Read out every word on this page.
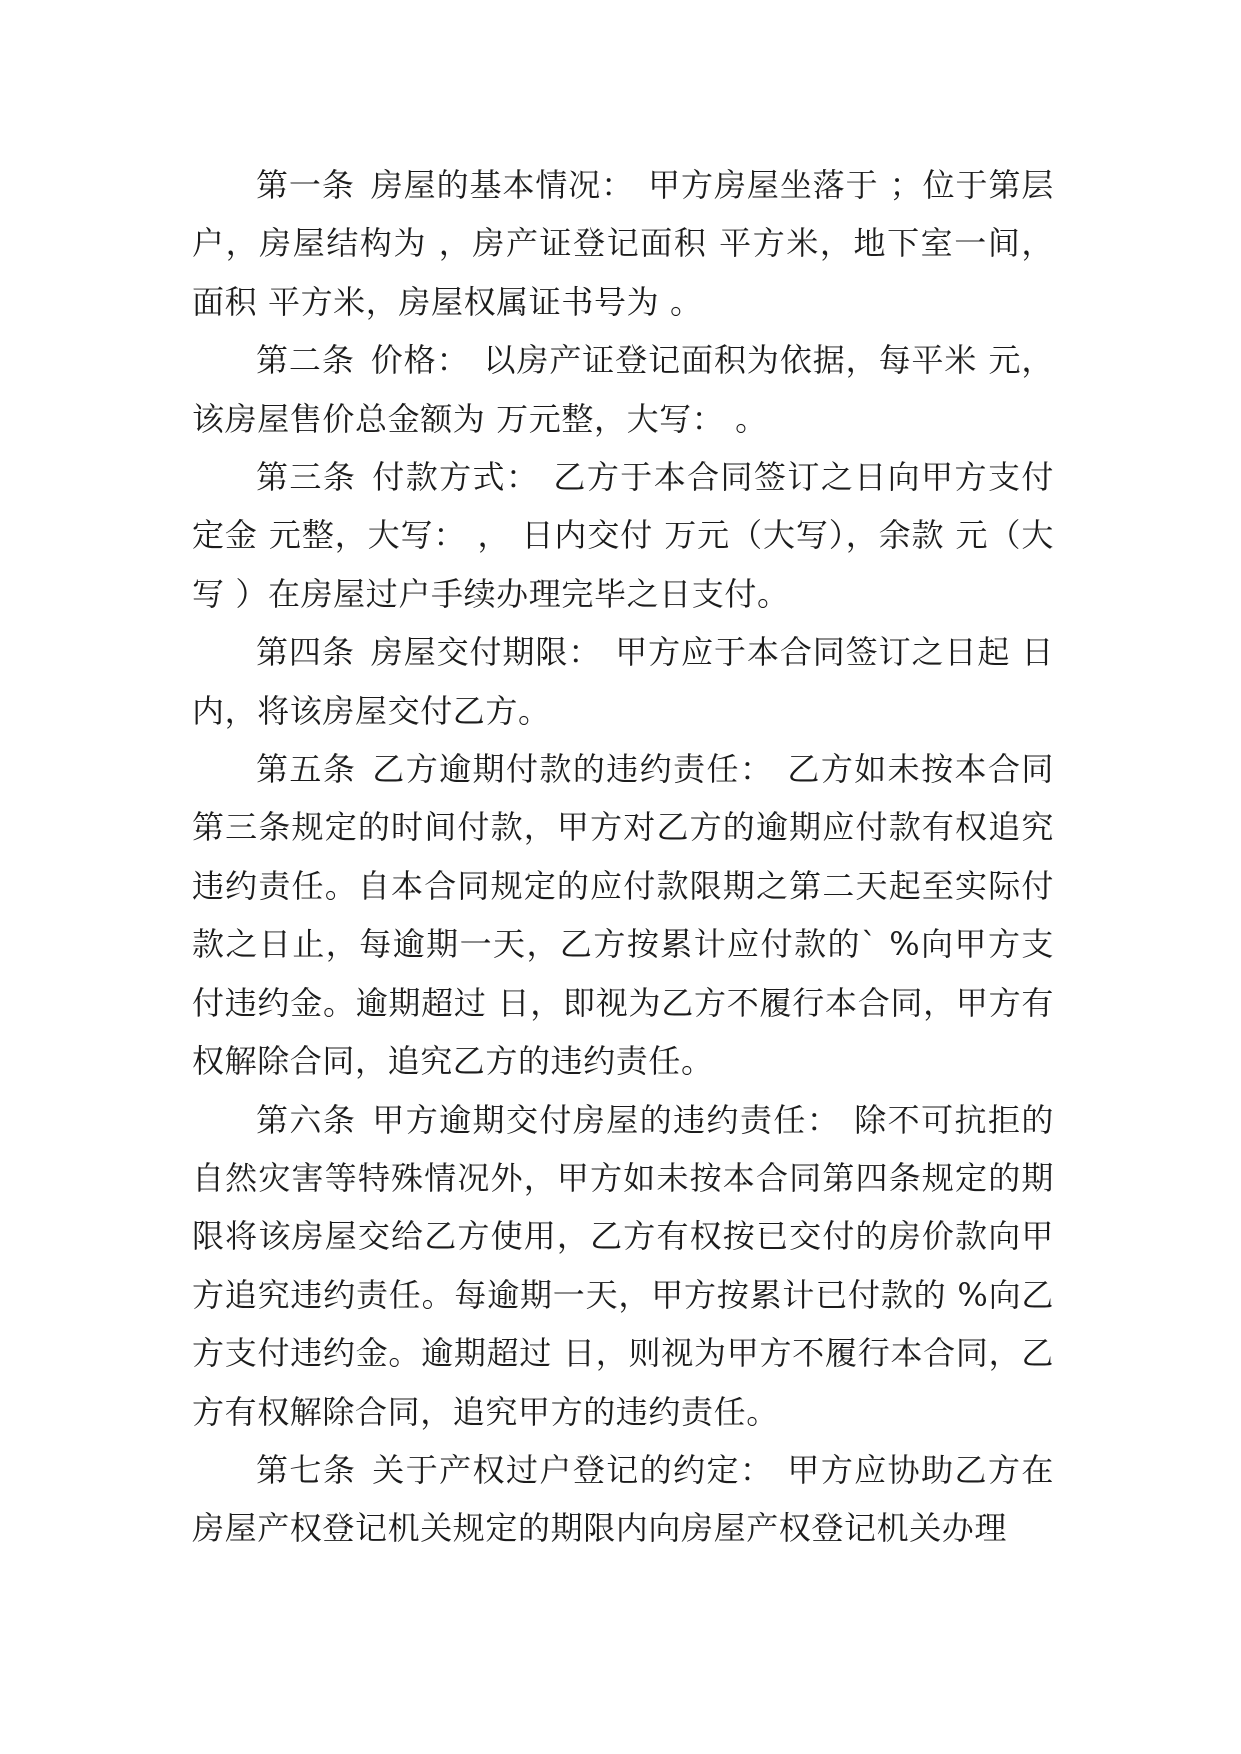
第一条 房屋的基本情况： 甲方房屋坐落于 ；位于第层 户，房屋结构为 ，房产证登记面积 平方米，地下室一间，面积 平方米，房屋权属证书号为 。

第二条 价格： 以房产证登记面积为依据，每平米 元，该房屋售价总金额为 万元整，大写： 。

第三条 付款方式： 乙方于本合同签订之日向甲方支付定金 元整，大写： ， 日内交付 万元（大写），余款 元（大写 ）在房屋过户手续办理完毕之日支付。

第四条 房屋交付期限： 甲方应于本合同签订之日起 日内，将该房屋交付乙方。

第五条 乙方逾期付款的违约责任： 乙方如未按本合同第三条规定的时间付款，甲方对乙方的逾期应付款有权追究违约责任。自本合同规定的应付款限期之第二天起至实际付款之日止，每逾期一天，乙方按累计应付款的` %向甲方支付违约金。逾期超过 日，即视为乙方不履行本合同，甲方有权解除合同，追究乙方的违约责任。

第六条 甲方逾期交付房屋的违约责任： 除不可抗拒的自然灾害等特殊情况外，甲方如未按本合同第四条规定的期限将该房屋交给乙方使用，乙方有权按已交付的房价款向甲方追究违约责任。每逾期一天，甲方按累计已付款的 %向乙方支付违约金。逾期超过 日，则视为甲方不履行本合同，乙方有权解除合同，追究甲方的违约责任。

第七条 关于产权过户登记的约定： 甲方应协助乙方在房屋产权登记机关规定的期限内向房屋产权登记机关办理
